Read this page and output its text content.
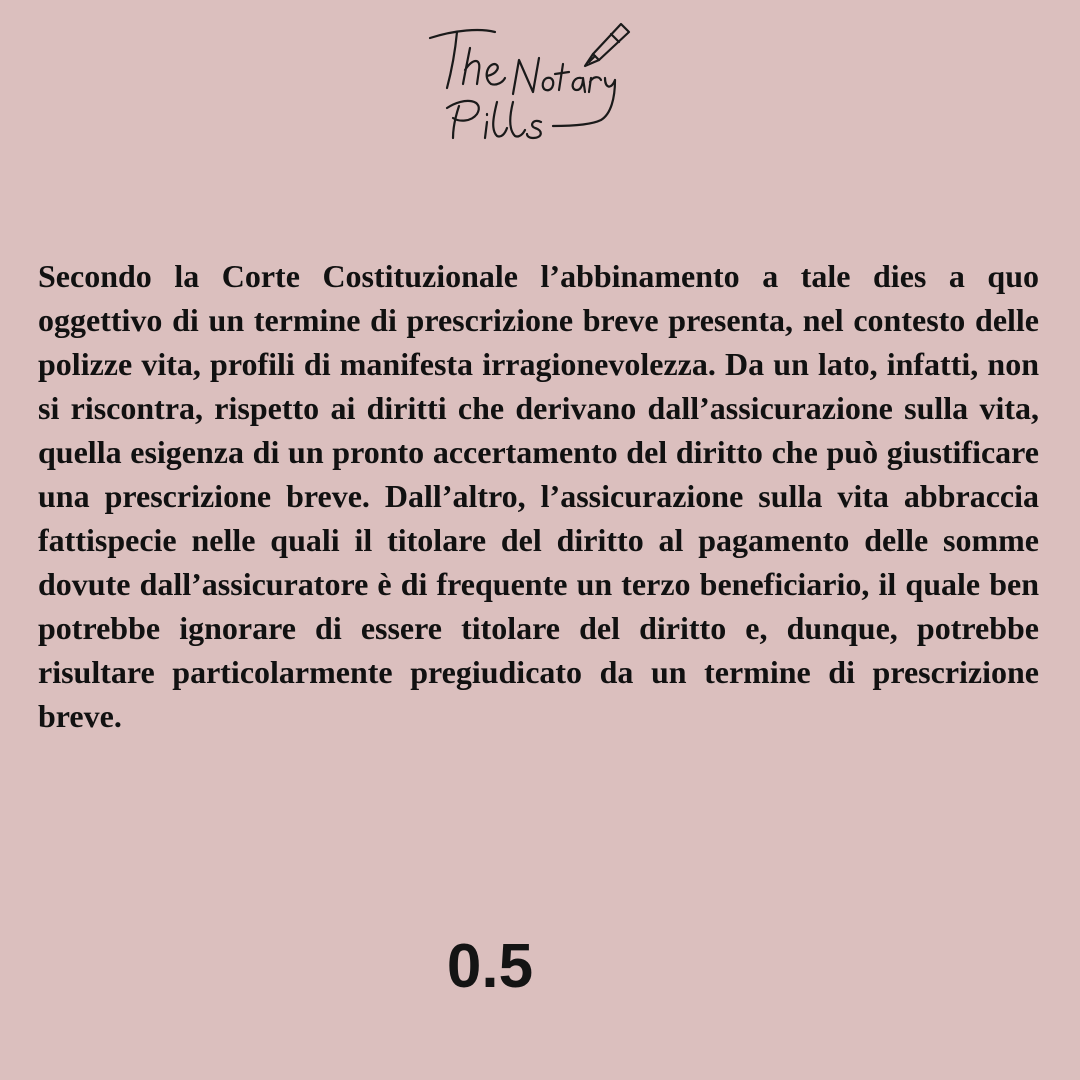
Secondo la Corte Costituzionale l’abbinamento a tale dies a quo oggettivo di un termine di prescrizione breve presenta, nel contesto delle polizze vita, profili di manifesta irragionevolezza. Da un lato, infatti, non si riscontra, rispetto ai diritti che derivano dall’assicurazione sulla vita, quella esigenza di un pronto accertamento del diritto che può giustificare una prescrizione breve. Dall’altro, l’assicurazione sulla vita abbraccia fattispecie nelle quali il titolare del diritto al pagamento delle somme dovute dall’assicuratore è di frequente un terzo beneficiario, il quale ben potrebbe ignorare di essere titolare del diritto e, dunque, potrebbe risultare particolarmente pregiudicato da un termine di prescrizione breve.

0.5
